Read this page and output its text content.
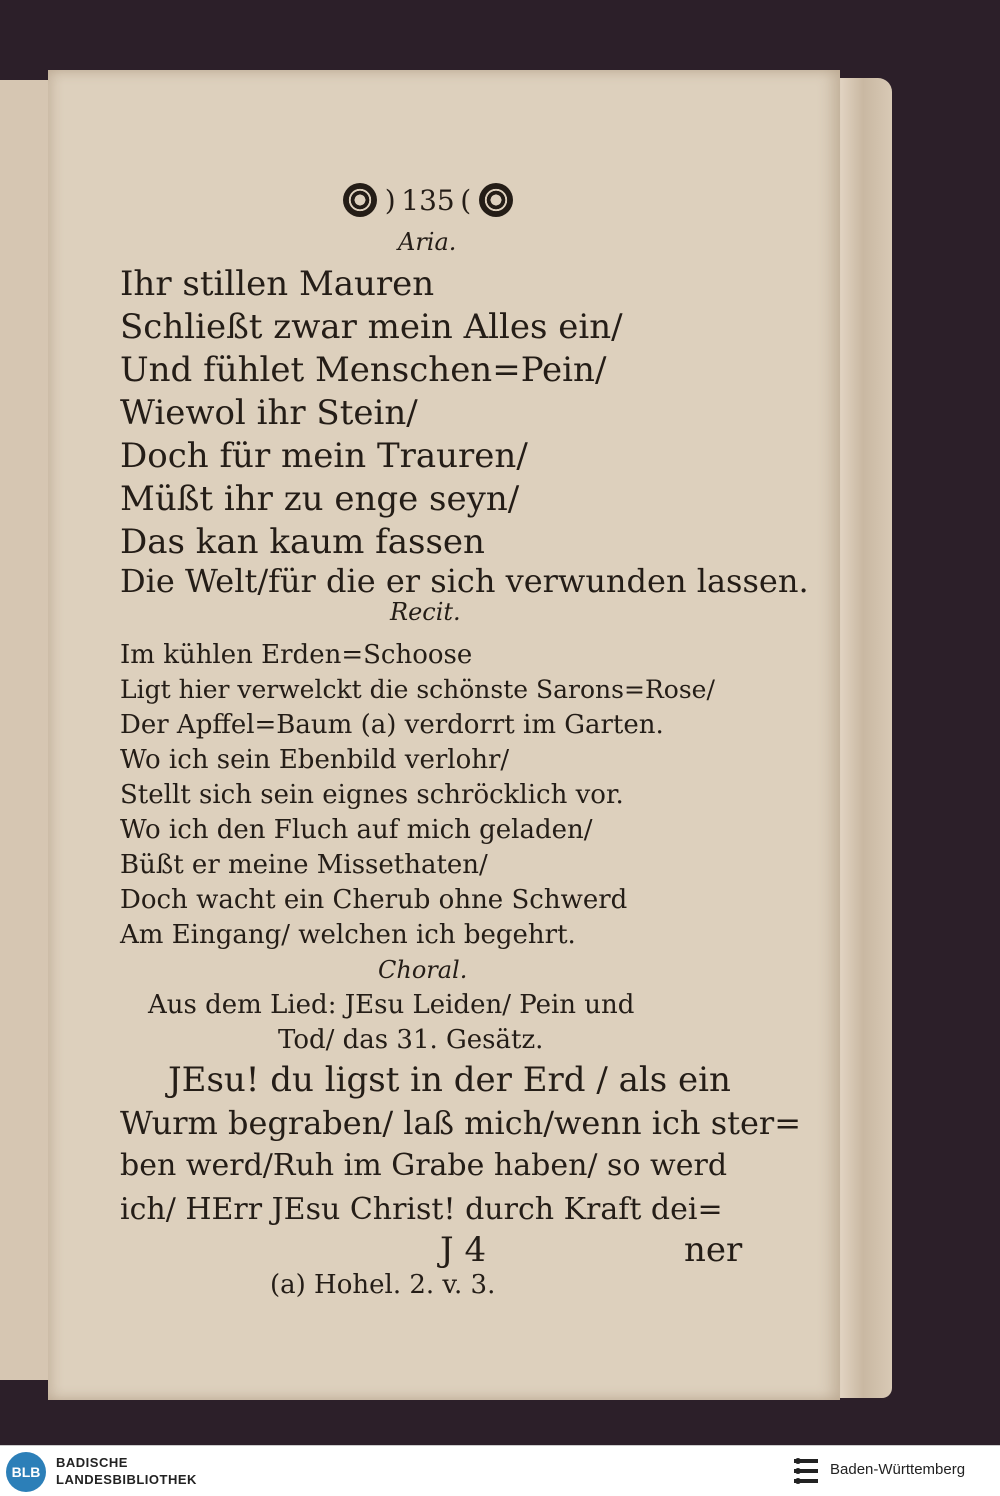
) 135 (
Aria.
Ihr stillen Mauren
Schließt zwar mein Alles ein/
Und fühlet Menschen=Pein/
Wiewol ihr Stein/
Doch für mein Trauren/
Müßt ihr zu enge seyn/
Das kan kaum fassen
Die Welt/für die er sich verwunden lassen.
Recit.
Im kühlen Erden=Schoose
Ligt hier verwelckt die schönste Sarons=Rose/
Der Apffel=Baum (a) verdorrt im Garten.
Wo ich sein Ebenbild verlohr/
Stellt sich sein eignes schröcklich vor.
Wo ich den Fluch auf mich geladen/
Büßt er meine Missethaten/
Doch wacht ein Cherub ohne Schwerd
Am Eingang/ welchen ich begehrt.
Choral.
Aus dem Lied: JEsu Leiden/ Pein und
Tod/ das 31. Gesätz.
JEsu! du ligst in der Erd / als ein
Wurm begraben/ laß mich/wenn ich ster=
ben werd/Ruh im Grabe haben/ so werd
ich/ HErr JEsu Christ! durch Kraft dei=
J 4	ner
(a) Hohel. 2. v. 3.
BLB
BADISCHE
LANDESBIBLIOTHEK
Baden-Württemberg
